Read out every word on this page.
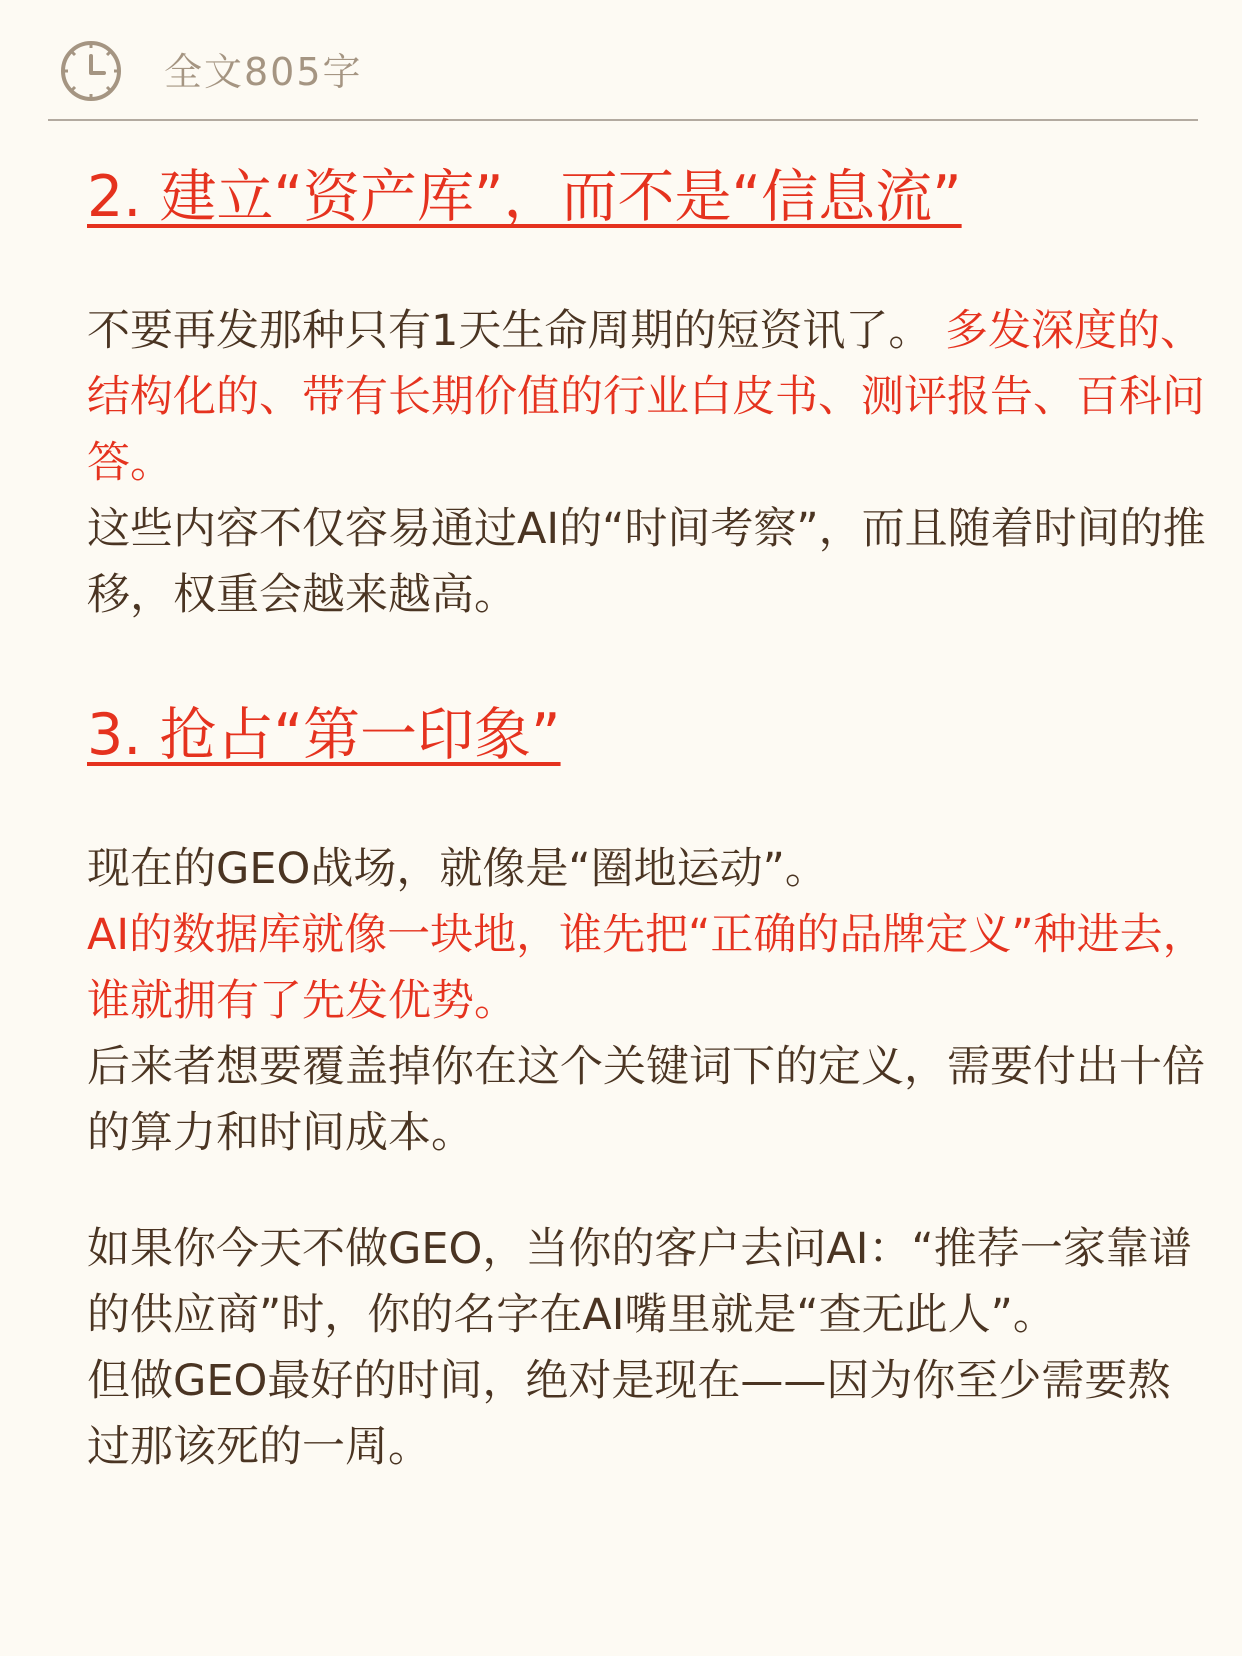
全文805字
2. 建立“资产库”，而不是“信息流”

不要再发那种只有1天生命周期的短资讯了。 多发深度的、结构化的、带有长期价值的行业白皮书、测评报告、百科问答。

这些内容不仅容易通过AI的“时间考察”，而且随着时间的推移，权重会越来越高。

3. 抢占“第一印象”

现在的GEO战场，就像是“圈地运动”。

AI的数据库就像一块地，谁先把“正确的品牌定义”种进去，谁就拥有了先发优势。

后来者想要覆盖掉你在这个关键词下的定义，需要付出十倍的算力和时间成本。

如果你今天不做GEO，当你的客户去问AI：“推荐一家靠谱的供应商”时，你的名字在AI嘴里就是“查无此人”。

但做GEO最好的时间，绝对是现在——因为你至少需要熬过那该死的一周。
